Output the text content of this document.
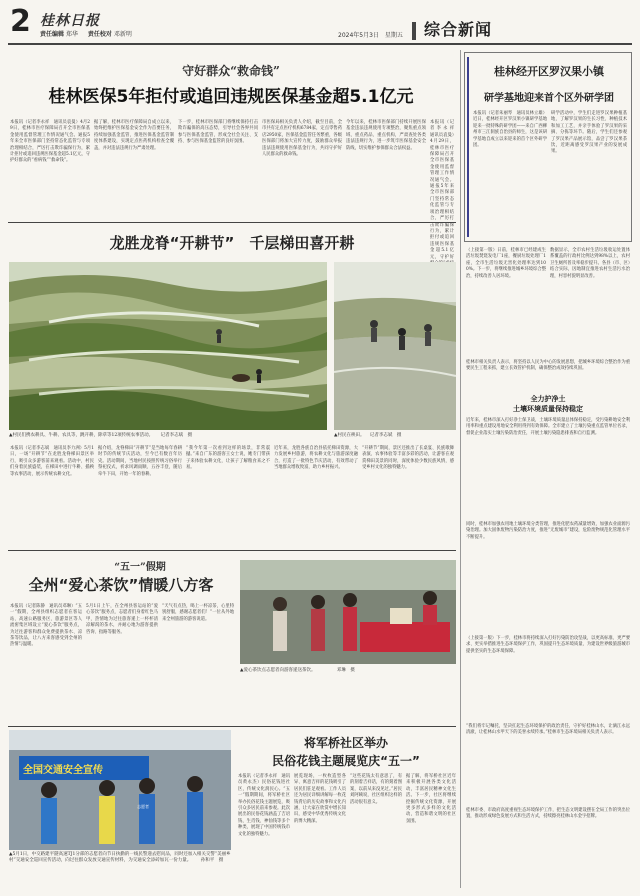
2 桂林日报
责任编辑 郑华 责任校对 邓新明	2024年5月3日 星期五 综合新闻
守好群众“救命钱”
桂林医保5年拒付或追回违规医保基金超5.1亿元
本报讯（记者李永祥　通讯员袁曼）4月29日，桂林市医疗保障局召开全市医保基金使用监督管理工作情况通气会。通报5年来全市医保部门坚持常态化监管与专项治理相结合，严厉打击欺诈骗保行为，累计拒付或追回违规医保基金超5.1亿元，守护好群众的“看病钱”“救命钱”。
据了解，桂林市医疗保障局自成立以来，始终把维护医保基金安全作为首要任务，持续加强基金监管，推进医保基金监管制度体系建设，实现定点医药机构检查全覆盖，并对违法违规行为严肃处理。
下一步，桂林市医保部门将继续保持打击欺诈骗保的高压态势，引导社会各界共同参与医保基金监管，形成全社会关注、支持、参与医保基金监管的良好氛围。
市医保局相关负责人介绍，截至目前，全市共有定点医疗机构6784家，定点零售药店2950家，医保基金监管任务繁重，各级医保部门将加大宣传力度，鼓励群众举报违法违规使用医保基金行为，共同守护好人民群众的救命钱。
今年以来，桂林市医保部门持续开展医保基金违法违规使用专项整治，聚焦重点领域、重点药品、重点机构，严肃查处各类违法违规行为，进一步筑牢医保基金安全防线，切实维护参保群众合法权益。
本报讯（记者李永祥　通讯员袁曼）4月29日，桂林市医疗保障局召开全市医保基金使用监督管理工作情况通气会。通报5年来全市医保部门坚持常态化监管与专项治理相结合，严厉打击欺诈骗保行为，累计拒付或追回违规医保基金超5.1亿元，守护好
龙胜龙脊“开耕节”　千层梯田喜开耕
▲村民们携农耕具、牛耕、农具等，跳开耕，除草等12项传统农事活动。 记者李志斌　摄	▲村民在秧田。 记者李志斌　摄
本报讯（记者李志斌　通讯员李力洲）5月1日，一场“开耕节”在龙胜龙脊梯田景区举行，吸引众多游客前来观看。活动中，村民们身着民族盛装，在梯田中进行牛耕、插秧等农事活动，展示传统农耕文化。
据介绍，龙脊梯田“开耕节”是当地每年春耕时节的传统节庆活动，至今已有数百年历史。活动期间，当地村民按照传统习俗举行祭祀仪式，祈求风调雨顺、五谷丰登，随后牵牛下田，开始一年的春耕。
“我今年第一次看到这样的场景，非常震撼。”来自广东的游客王女士说，她专门带孩子来体验农耕文化，让孩子了解粮食来之不易。
近年来，龙胜各族自治县依托梯田资源，大力发展乡村旅游，将农耕文化与旅游深度融合，打造了一批特色节庆活动，有效带动了当地群众增收致富，助力乡村振兴。
“开耕节”期间，景区还推出了长桌宴、民族歌舞表演、农事体验等丰富多彩的活动，让游客在观赏梯田美景的同时，深度体验少数民族风情，感受乡村文化的独特魅力。
“五一”假期
全州“爱心茶饮”情暖八方客
本报讯（记者陈静　通讯员邓琳）“五一”假期，全州县组织志愿者在客运站、高速公路服务区、旅游景区等人流密集区域设立“爱心茶饮”服务点，为过往游客和群众免费提供茶水、凉茶等饮品，让八方来客感受到全州的热情与温暖。
5月1日上午，在全州县客运站的“爱心茶饮”服务点，志愿者们身着红色马甲，热情地为过往旅客递上一杯杯清凉解渴的茶水，并耐心地为游客提供咨询、指路等服务。
“天气有点热，喝上一杯凉茶，心里特别舒服，感谢志愿者们！”一位从外地来全州旅游的游客说道。
▲爱心茶饮点志愿者向游客递送茶饮。	邓琳　摄
全国交通安全宣传
志愿者
▲5月1日，中交路建平隧高速TJ1分部的志愿者向节日执勤的一线民警递去慰问品，同时还加入相关交警“美丽乡村”交通安全巡回宣传活动，向过往群众发放交通宣传材料，为交通安全添砖加瓦一份力量。 孙和平　摄
将军桥社区举办
民俗花钱主题展览庆“五一”
本报讯（记者李永祥　通讯员黄永杰）民俗花钱进社区，传统文化润民心。“五一”假期期间，将军桥社区举办民俗花钱主题展览，吸引众多居民前来参观。此次展出的民俗花钱涵盖了吉语钱、生肖钱、神仙钱等多个种类，展现了中国传统钱币文化的独特魅力。
展览现场，一枚枚造型各异、寓意吉祥的花钱吸引了居民们驻足观看。工作人员还为居民详细讲解每一枚花钱背后的历史故事和文化内涵，让大家在欣赏中增长知识，感受中华优秀传统文化的博大精深。
“这些花钱太有意思了，有的刻着吉祥话，有的刻着图案，以前从来没见过。”居民刘阿姨说，社区组织这样的活动很有意义。
据了解，将军桥社区近年来积极开展各类文化活动，丰富居民精神文化生活。下一步，社区将继续挖掘传统文化资源，开展更多形式多样的文化活动，营造和谐文明的社区氛围。
桂林经开区罗汉果小镇
研学基地迎来首个区外研学团
本报讯（记者朱丽琴　通讯员林立雄）近日，桂林经开区罗汉果小镇研学基地迎来一批特殊的研学团——来自广西柳州市三江侗族自治县的师生，这是该研学基地自成立以来迎来的首个区外研学团。
研学活动中，学生们走进罗汉果种植基地，了解罗汉果的生长习性、种植技术和加工工艺，并亲手体验了罗汉果的采摘、分拣等环节。随后，学生们还参观了罗汉果产品展示馆，品尝了罗汉果茶饮，近距离感受罗汉果产业的发展成果。
（上接第一版）日前，桂林市已经建成生活垃圾焚烧发电厂1座，餐厨垃圾处理厂1座，全市生活垃圾无害化处理率达到100%。下一步，将继续推进城乡环境综合整治，持续改善人居环境。
数据显示，全市农村生活垃圾收运处置体系覆盖的行政村比例达到98%以上，农村卫生厕所普及率稳步提升。各县（市、区）结合实际，因地制宜推进农村生活污水治理，村容村貌明显改善。
桂林市相关负责人表示，将坚持以人民为中心的发展思想，把城乡环境综合整治作为重要民生工程来抓，建立长效管护机制，确保整治成效持续巩固。
全力护净土
土壤环境质量保持稳定
近年来，桂林市深入打好净土保卫战，土壤环境质量总体保持稳定，受污染耕地安全利用率和重点建设用地安全利用得到有效保障。全市建立了土壤污染重点监管单位名录，督促企业落实土壤污染防治责任，开展土壤污染隐患排查和自行监测。
同时，桂林市加强农用地土壤环境分类管理，推进化肥农药减量增效，加强农业面源污染治理。加大固体废物污染防治力度，推进“无废城市”建设，危险废物规范化管理水平不断提升。
（上接第一版）下一步，桂林市将持续深入打好污染防治攻坚战，以更高标准、更严要求、更实举措推进生态环境保护工作，巩固提升生态环境质量，为建设世界级旅游城市提供坚实的生态环境保障。
“我们将牢记嘱托，坚决扛起生态环境保护的政治责任，守护好桂林山水，让漓江永远清澈，让桂林山水甲天下的美誉永续传承。”桂林市生态环境局相关负责人表示。
桂林市委、市政府高度重视生态环境保护工作，把生态文明建设摆在全局工作的突出位置，推动形成绿色发展方式和生活方式，持续擦亮桂林山水金字招牌。
